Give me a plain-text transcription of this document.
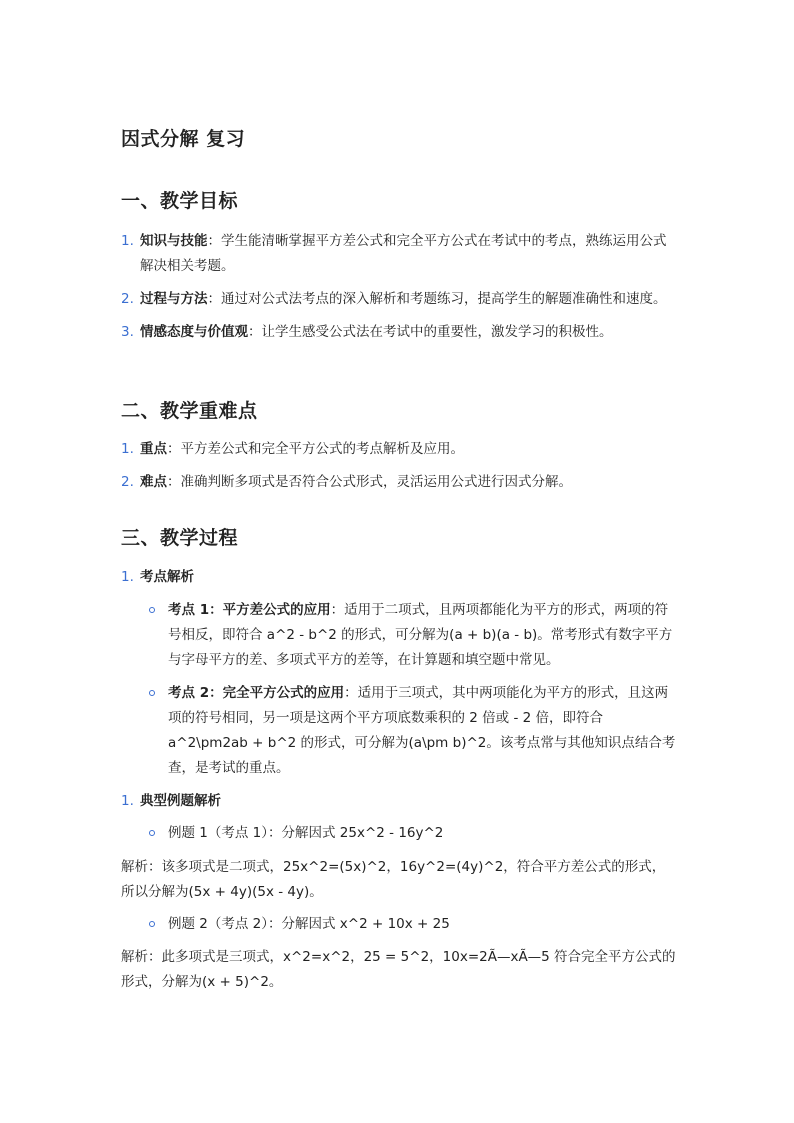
因式分解 复习
一、教学目标
1. 知识与技能：学生能清晰掌握平方差公式和完全平方公式在考试中的考点，熟练运用公式解决相关考题。
2. 过程与方法：通过对公式法考点的深入解析和考题练习，提高学生的解题准确性和速度。
3. 情感态度与价值观：让学生感受公式法在考试中的重要性，激发学习的积极性。
二、教学重难点
1. 重点：平方差公式和完全平方公式的考点解析及应用。
2. 难点：准确判断多项式是否符合公式形式，灵活运用公式进行因式分解。
三、教学过程
1. 考点解析
考点 1：平方差公式的应用：适用于二项式，且两项都能化为平方的形式，两项的符号相反，即符合 a^2 - b^2 的形式，可分解为(a + b)(a - b)。常考形式有数字平方与字母平方的差、多项式平方的差等，在计算题和填空题中常见。
考点 2：完全平方公式的应用：适用于三项式，其中两项能化为平方的形式，且这两项的符号相同，另一项是这两个平方项底数乘积的 2 倍或 - 2 倍，即符合 a^2\pm2ab + b^2 的形式，可分解为(a\pm b)^2。该考点常与其他知识点结合考查，是考试的重点。
1. 典型例题解析
例题 1（考点 1）：分解因式 25x^2 - 16y^2

解析：该多项式是二项式，25x^2=(5x)^2，16y^2=(4y)^2，符合平方差公式的形式，所以分解为(5x + 4y)(5x - 4y)。

例题 2（考点 2）：分解因式 x^2 + 10x + 25

解析：此多项式是三项式，x^2=x^2，25 = 5^2，10x=2Ã—xÃ—5 符合完全平方公式的形式，分解为(x + 5)^2。
